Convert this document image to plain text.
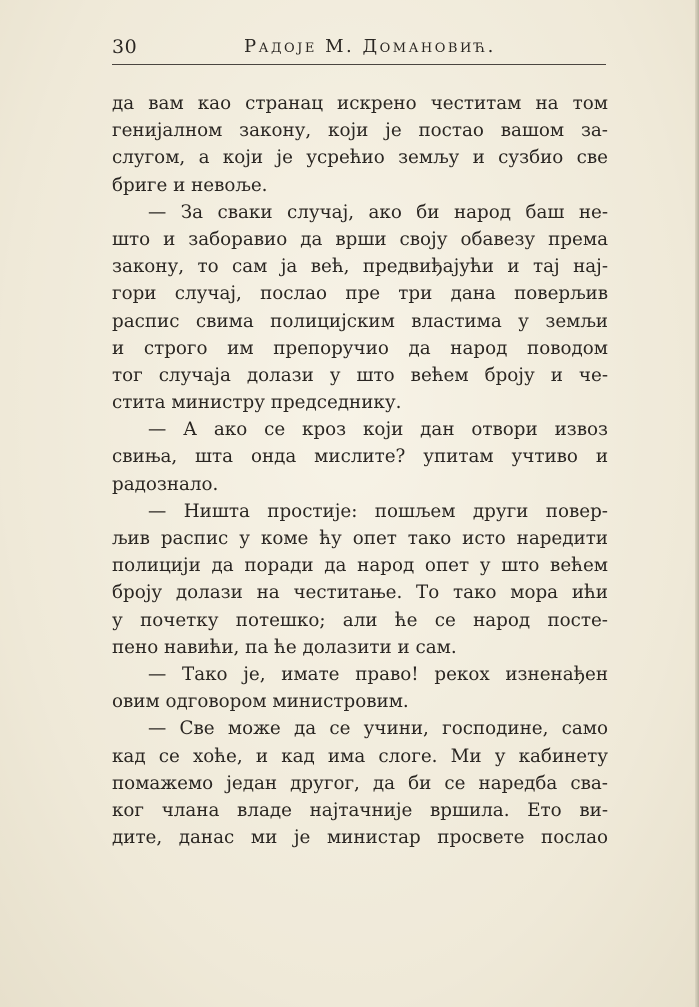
30	Радоје М. Домановић.
да вам као странац искрено честитам на том
генијалном закону, који је постао вашом за-
слугом, а који је усрећио земљу и сузбио све
бриге и невоље.
— За сваки случај, ако би народ баш не-
што и заборавио да врши своју обавезу према
закону, то сам ја већ, предвиђајући и тај нај-
гори случај, послао пре три дана поверљив
распис свима полицијским властима у земљи
и строго им препоручио да народ поводом
тог случаја долази у што већем броју и че-
ститa министру председнику.
— А ако се кроз који дан отвори извоз
свиња, шта онда мислите? упитам учтиво и
радознало.
— Ништа простије: пошљем други повер-
љив распис у коме ћу опет тако исто наредити
полицији да поради да народ опет у што већем
броју долази на честитање. То тако мора ићи
у почетку потешко; али ће се народ посте-
пено навићи, па ће долазити и сам.
— Тако је, имате право! рекох изненађен
овим одговором министровим.
— Све може да се учини, господине, само
кад се хоће, и кад има слоге. Ми у кабинету
помажемо један другог, да би се наредба сва-
ког члана владе најтачније вршила. Ето ви-
дите, данас ми је министар просвете послао
